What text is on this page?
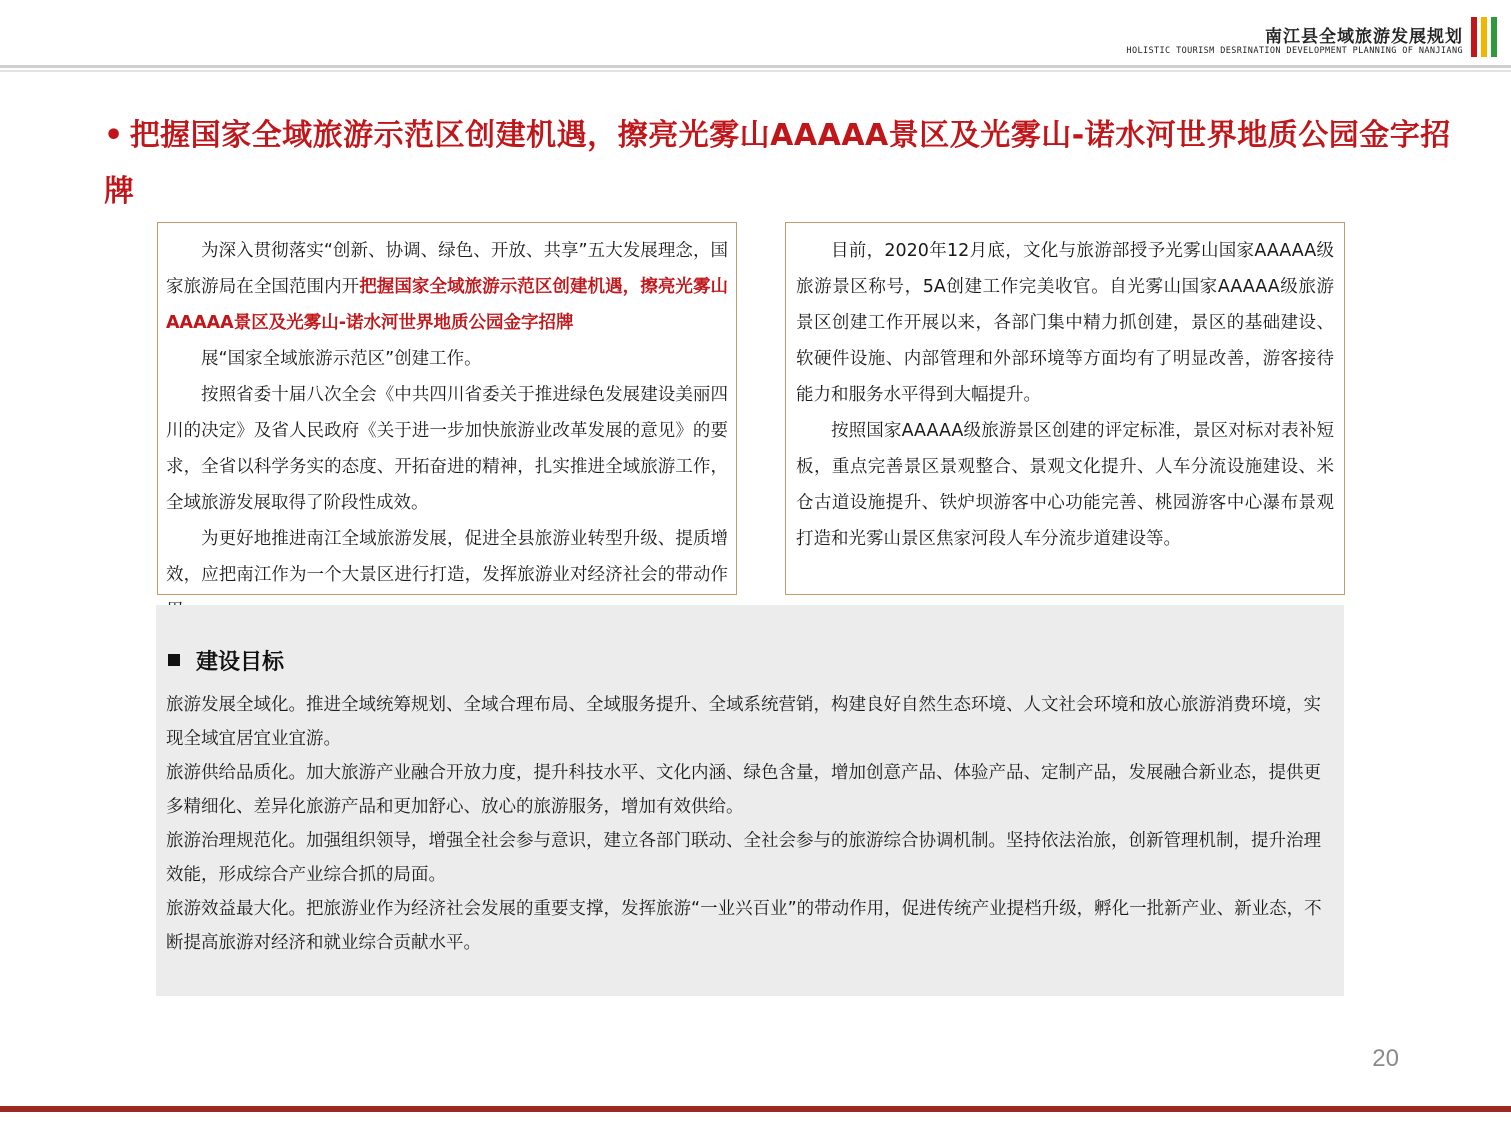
南江县全域旅游发展规划
HOLISTIC TOURISM DESRINATION DEVELOPMENT PLANNING OF NANJIANG
• 把握国家全域旅游示范区创建机遇，擦亮光雾山AAAAA景区及光雾山-诺水河世界地质公园金字招牌

为深入贯彻落实“创新、协调、绿色、开放、共享”五大发展理念，国家旅游局在全国范围内开把握国家全域旅游示范区创建机遇，擦亮光雾山AAAAA景区及光雾山-诺水河世界地质公园金字招牌

展“国家全域旅游示范区”创建工作。

按照省委十届八次全会《中共四川省委关于推进绿色发展建设美丽四川的决定》及省人民政府《关于进一步加快旅游业改革发展的意见》的要求，全省以科学务实的态度、开拓奋进的精神，扎实推进全域旅游工作，全域旅游发展取得了阶段性成效。

为更好地推进南江全域旅游发展，促进全县旅游业转型升级、提质增效，应把南江作为一个大景区进行打造，发挥旅游业对经济社会的带动作

目前，2020年12月底，文化与旅游部授予光雾山国家AAAAA级旅游景区称号，5A创建工作完美收官。自光雾山国家AAAAA级旅游景区创建工作开展以来，各部门集中精力抓创建，景区的基础建设、软硬件设施、内部管理和外部环境等方面均有了明显改善，游客接待能力和服务水平得到大幅提升。

按照国家AAAAA级旅游景区创建的评定标准，景区对标对表补短板，重点完善景区景观整合、景观文化提升、人车分流设施建设、米仓古道设施提升、铁炉坝游客中心功能完善、桃园游客中心瀑布景观打造和光雾山景区焦家河段人车分流步道建设等。

建设目标

旅游发展全域化。推进全域统筹规划、全域合理布局、全域服务提升、全域系统营销，构建良好自然生态环境、人文社会环境和放心旅游消费环境，实现全域宜居宜业宜游。

旅游供给品质化。加大旅游产业融合开放力度，提升科技水平、文化内涵、绿色含量，增加创意产品、体验产品、定制产品，发展融合新业态，提供更多精细化、差异化旅游产品和更加舒心、放心的旅游服务，增加有效供给。

旅游治理规范化。加强组织领导，增强全社会参与意识，建立各部门联动、全社会参与的旅游综合协调机制。坚持依法治旅，创新管理机制，提升治理效能，形成综合产业综合抓的局面。

旅游效益最大化。把旅游业作为经济社会发展的重要支撑，发挥旅游“一业兴百业”的带动作用，促进传统产业提档升级，孵化一批新产业、新业态，不断提高旅游对经济和就业综合贡献水平。

20
